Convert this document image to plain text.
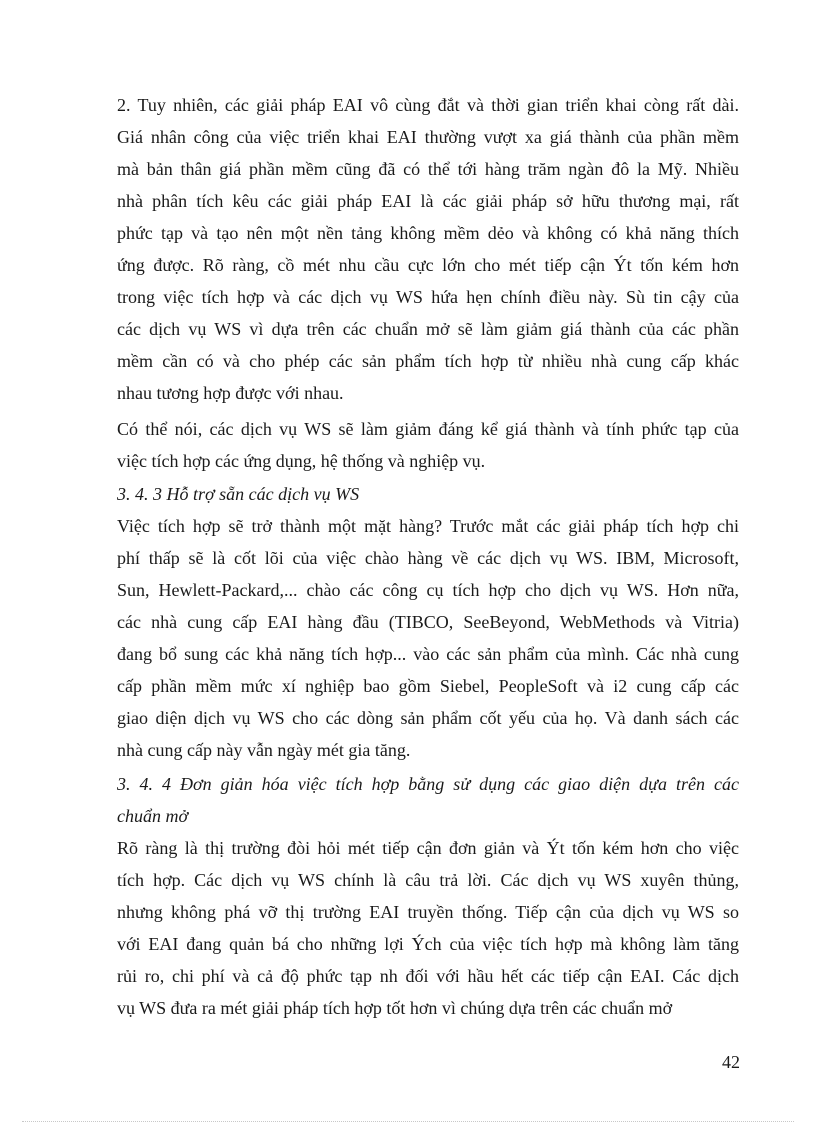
2. Tuy nhiên, các giải pháp EAI vô cùng đắt và thời gian triển khai còng rất dài.
Giá nhân công của việc triển khai EAI thường vượt xa giá thành của phần mềm
mà bản thân giá phần mềm cũng đã có thể tới hàng trăm ngàn đô la Mỹ. Nhiều
nhà phân tích kêu các giải pháp EAI là các giải pháp sở hữu thương mại, rất
phức tạp và tạo nên một nền tảng không mềm dẻo và không có khả năng thích
ứng được. Rõ ràng, cồ mét nhu cầu cực lớn cho mét tiếp cận Ýt tốn kém hơn
trong việc tích hợp và các dịch vụ WS hứa hẹn chính điều này. Sù tin cậy của
các dịch vụ WS vì dựa trên các chuẩn mở sẽ làm giảm giá thành của các phần
mềm cần có và cho phép các sản phẩm tích hợp từ nhiều nhà cung cấp khác
nhau tương hợp được với nhau.
Có thể nói, các dịch vụ WS sẽ làm giảm đáng kể giá thành và tính phức tạp của
việc tích hợp các ứng dụng, hệ thống và nghiệp vụ.
3. 4. 3 Hỗ trợ sẵn các dịch vụ WS
Việc tích hợp sẽ trở thành một mặt hàng? Trước mắt các giải pháp tích hợp chi
phí thấp sẽ là cốt lõi của việc chào hàng về các dịch vụ WS. IBM, Microsoft,
Sun, Hewlett-Packard,... chào các công cụ tích hợp cho dịch vụ WS. Hơn nữa,
các nhà cung cấp EAI hàng đầu (TIBCO, SeeBeyond, WebMethods và Vitria)
đang bổ sung các khả năng tích hợp... vào các sản phẩm của mình. Các nhà cung
cấp phần mềm mức xí nghiệp bao gồm Siebel, PeopleSoft và i2 cung cấp các
giao diện dịch vụ WS cho các dòng sản phẩm cốt yếu của họ. Và danh sách các
nhà cung cấp này vẫn ngày mét gia tăng.
3. 4. 4 Đơn giản hóa việc tích hợp bằng sử dụng các giao diện dựa trên các
chuẩn mở
Rõ ràng là thị trường đòi hỏi mét tiếp cận đơn giản và Ýt tốn kém hơn cho việc
tích hợp. Các dịch vụ WS chính là câu trả lời. Các dịch vụ WS xuyên thủng,
nhưng không phá vỡ thị trường EAI truyền thống. Tiếp cận của dịch vụ WS so
với EAI đang quản bá cho những lợi Ých của việc tích hợp mà không làm tăng
rủi ro, chi phí và cả độ phức tạp nh đối với hầu hết các tiếp cận EAI. Các dịch
vụ WS đưa ra mét giải pháp tích hợp tốt hơn vì chúng dựa trên các chuẩn mở
42
